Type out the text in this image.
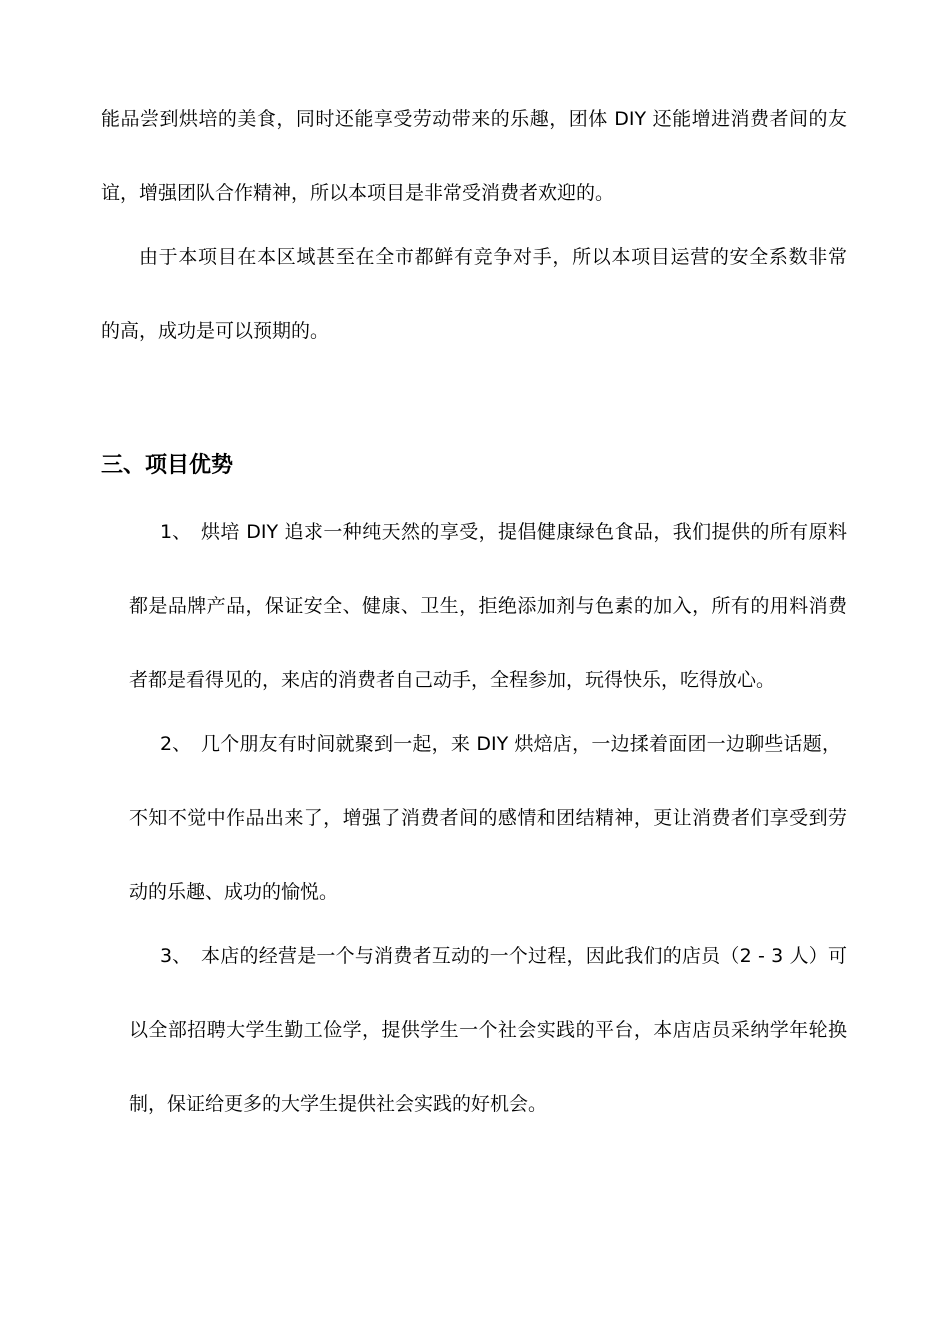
能品尝到烘培的美食，同时还能享受劳动带来的乐趣，团体 DIY 还能增进消费者间的友
谊，增强团队合作精神，所以本项目是非常受消费者欢迎的。
由于本项目在本区域甚至在全市都鲜有竞争对手，所以本项目运营的安全系数非常
的高，成功是可以预期的。
三、项目优势
1、 烘培 DIY 追求一种纯天然的享受，提倡健康绿色食品，我们提供的所有原料
都是品牌产品，保证安全、健康、卫生，拒绝添加剂与色素的加入，所有的用料消费
者都是看得见的，来店的消费者自己动手，全程参加，玩得快乐，吃得放心。
2、 几个朋友有时间就聚到一起，来 DIY 烘焙店，一边揉着面团一边聊些话题，
不知不觉中作品出来了，增强了消费者间的感情和团结精神，更让消费者们享受到劳
动的乐趣、成功的愉悦。
3、 本店的经营是一个与消费者互动的一个过程，因此我们的店员（2 - 3 人）可
以全部招聘大学生勤工俭学，提供学生一个社会实践的平台，本店店员采纳学年轮换
制，保证给更多的大学生提供社会实践的好机会。
